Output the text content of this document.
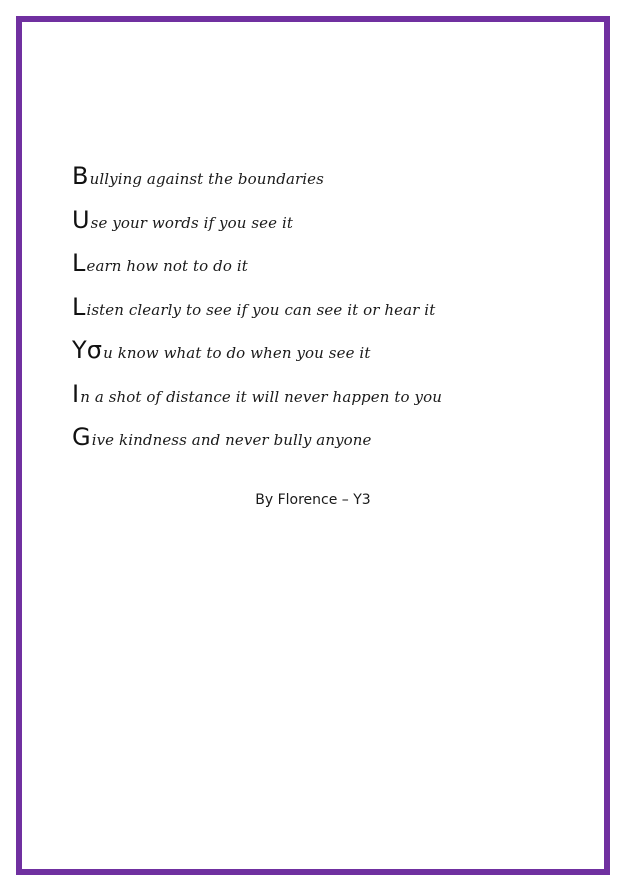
Bullying against the boundaries
Use your words if you see it
Learn how not to do it
Listen clearly to see if you can see it or hear it
Yσu know what to do when you see it
In a shot of distance it will never happen to you
Give kindness and never bully anyone
By Florence – Y3
